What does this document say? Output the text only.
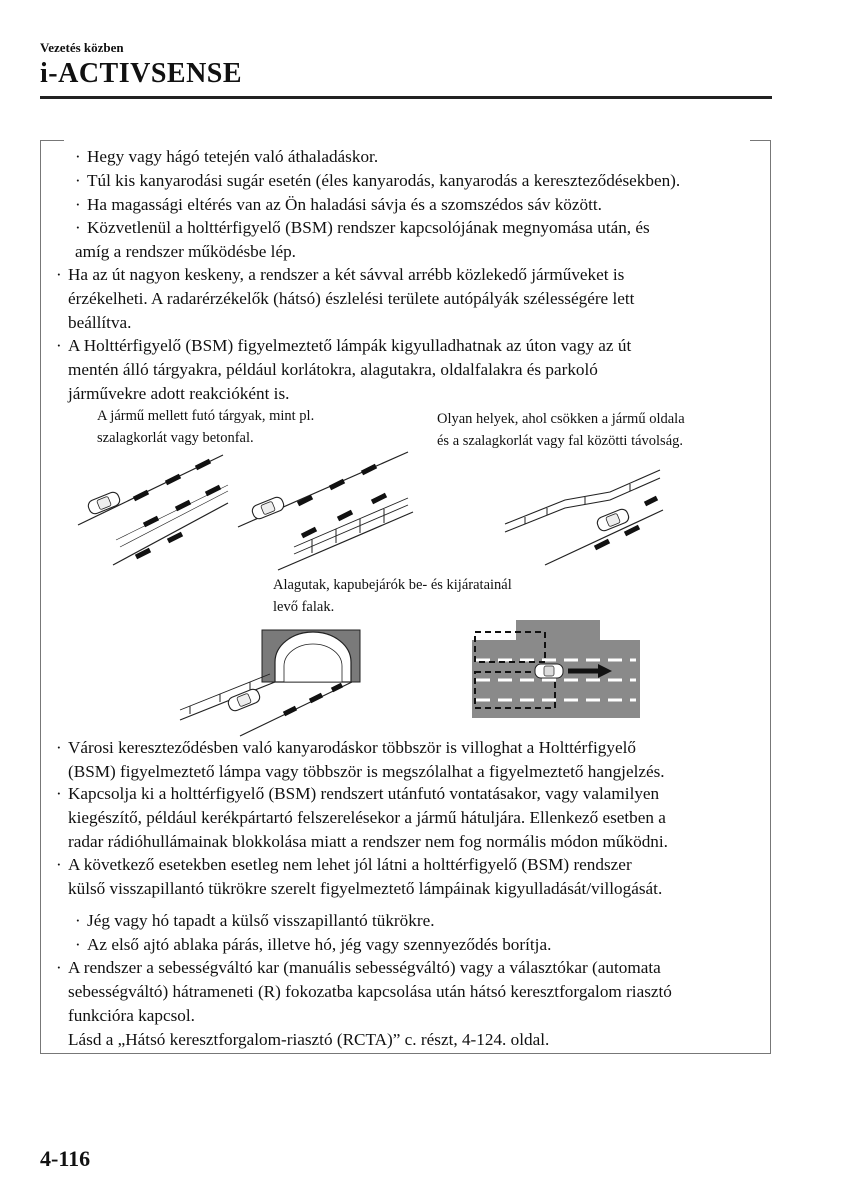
Vezetés közben
i-ACTIVSENSE
· Hegy vagy hágó tetején való áthaladáskor.
· Túl kis kanyarodási sugár esetén (éles kanyarodás, kanyarodás a kereszteződésekben).
· Ha magassági eltérés van az Ön haladási sávja és a szomszédos sáv között.
· Közvetlenül a holttérfigyelő (BSM) rendszer kapcsolójának megnyomása után, és
amíg a rendszer működésbe lép.
· Ha az út nagyon keskeny, a rendszer a két sávval arrébb közlekedő járműveket is
érzékelheti. A radarérzékelők (hátsó) észlelési területe autópályák szélességére lett
beállítva.
· A Holttérfigyelő (BSM) figyelmeztető lámpák kigyulladhatnak az úton vagy az út
mentén álló tárgyakra, például korlátokra, alagutakra, oldalfalakra és parkoló
járművekre adott reakcióként is.
A jármű mellett futó tárgyak, mint pl.
szalagkorlát vagy betonfal.
Olyan helyek, ahol csökken a jármű oldala
és a szalagkorlát vagy fal közötti távolság.
Alagutak, kapubejárók be- és kijáratainál
levő falak.
· Városi kereszteződésben való kanyarodáskor többször is villoghat a Holttérfigyelő
(BSM) figyelmeztető lámpa vagy többször is megszólalhat a figyelmeztető hangjelzés.
· Kapcsolja ki a holttérfigyelő (BSM) rendszert utánfutó vontatásakor, vagy valamilyen
kiegészítő, például kerékpártartó felszerelésekor a jármű hátuljára. Ellenkező esetben a
radar rádióhullámainak blokkolása miatt a rendszer nem fog normális módon működni.
· A következő esetekben esetleg nem lehet jól látni a holttérfigyelő (BSM) rendszer
külső visszapillantó tükrökre szerelt figyelmeztető lámpáinak kigyulladását/villogását.
· Jég vagy hó tapadt a külső visszapillantó tükrökre.
· Az első ajtó ablaka párás, illetve hó, jég vagy szennyeződés borítja.
· A rendszer a sebességváltó kar (manuális sebességváltó) vagy a választókar (automata
sebességváltó) hátrameneti (R) fokozatba kapcsolása után hátsó keresztforgalom riasztó
funkcióra kapcsol.
Lásd a „Hátsó keresztforgalom-riasztó (RCTA)” c. részt, 4-124. oldal.
4-116
